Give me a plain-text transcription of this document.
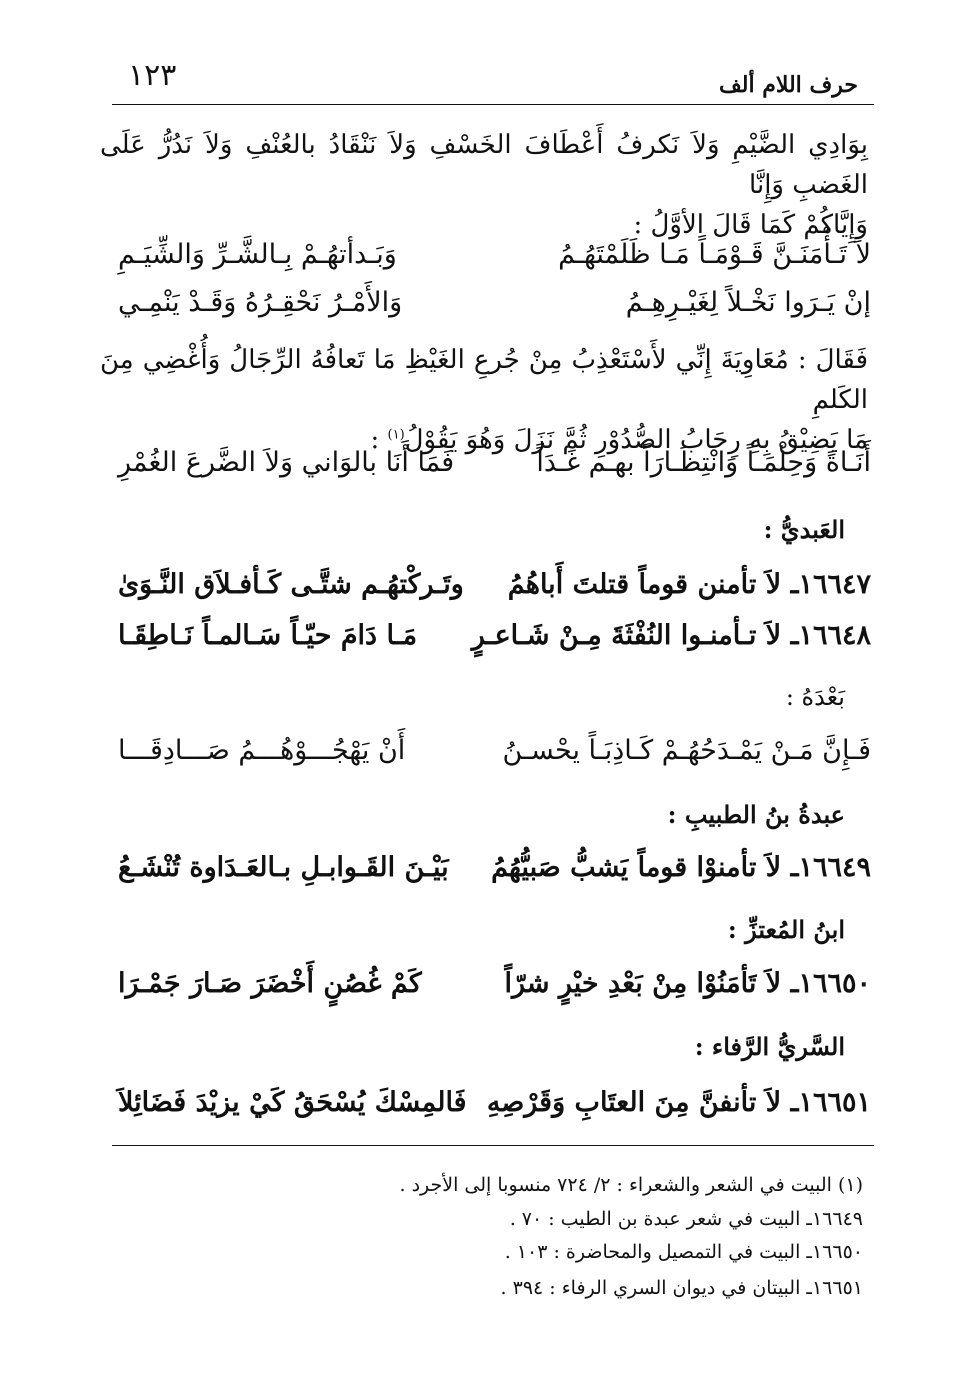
حرف اللام ألف
١٢٣
بِوَادِي الضَّيْمِ وَلاَ نَكرفُ أَعْطَافَ الخَسْفِ وَلاَ نَنْقَادُ بالعُنْفِ وَلاَ نَدُرُّ عَلَى الغَضبِ وَإِنَّا
وَإِيَّاكُمْ كَمَا قَالَ الأوَّلُ :
لاَ تَـأْمَنَـنَّ قَـوْمَـاً مَـا ظَلَمْتَهُـمُ
وَبَـدأتهُـمْ بِـالشَّـرِّ وَالشِّيَـمِ
إنْ يَـرَوا نَخْـلاً لِغَيْـرِهِـمُ
وَالأَمْـرُ نَحْقِـرُهُ وَقَـدْ يَنْمِـي
فَقَالَ : مُعَاوِيَةَ إِنِّي لأَسْتَعْذِبُ مِنْ جُرعِ الغَيْظِ مَا تَعافُهُ الرِّجَالُ وَأُغْضِي مِنَ الكَلمِ
مَا يَضِيْقُ بِهِ رِحَابُ الصُّدُوْرِ ثُمَّ نَزَلَ وَهُوَ يَقُوْلُ$^{(١)}$ :
أَنَـاةً وَحِلْمَـاً وَانْتِظَـارَاً بهـم غَـدَاً
فَمَا أَنَا بالوَاني وَلاَ الضَّرعَ الغُمْرِ
العَبديُّ :
١٦٦٤٧ـ لاَ تأمنن قوماً قتلتَ أَباهُمُ
وتَـركْتهُـم شتَّـى كَـأفـلاَق النَّـوَىٰ
١٦٦٤٨ـ لاَ تـأمنـوا النُفْثَةَ مِـنْ شَـاعـرٍ
مَـا دَامَ حيّـاً سَـالمـاً نَـاطِقَـا
بَعْدَهُ :
فَـإِنَّ مَـنْ يَمْـدَحُهُـمْ كَـاذِبَـاً يحْسـنُ
أَنْ يَهْجُـــوْهُـــمُ صَـــادِقَـــا
عبدةُ بنُ الطبيبِ :
١٦٦٤٩ـ لاَ تأمنوْا قوماً يَشبُّ صَبيُّهُمُ
بَيْـنَ القَـوابـلِ بـالعَـدَاوة تُنْشَـعُ
ابنُ المُعتزِّ :
١٦٦٥٠ـ لاَ تَأمَنُوْا مِنْ بَعْدِ خيْرٍ شرّاً
كَمْ غُصُنٍ أَخْضَرَ صَـارَ جَمْـرَا
السَّريُّ الرَّفاء :
١٦٦٥١ـ لاَ تأنفنَّ مِنَ العتَابِ وَقَرْصِهِ
فَالمِسْكَ يُسْحَقُ كَيْ يزيْدَ فَضَائِلاَ
(١) البيت في الشعر والشعراء : ٢/ ٧٢٤ منسوبا إلى الأجرد .
١٦٦٤٩ـ البيت في شعر عبدة بن الطيب : ٧٠ .
١٦٦٥٠ـ البيت في التمصيل والمحاضرة : ١٠٣ .
١٦٦٥١ـ البيتان في ديوان السري الرفاء : ٣٩٤ .
